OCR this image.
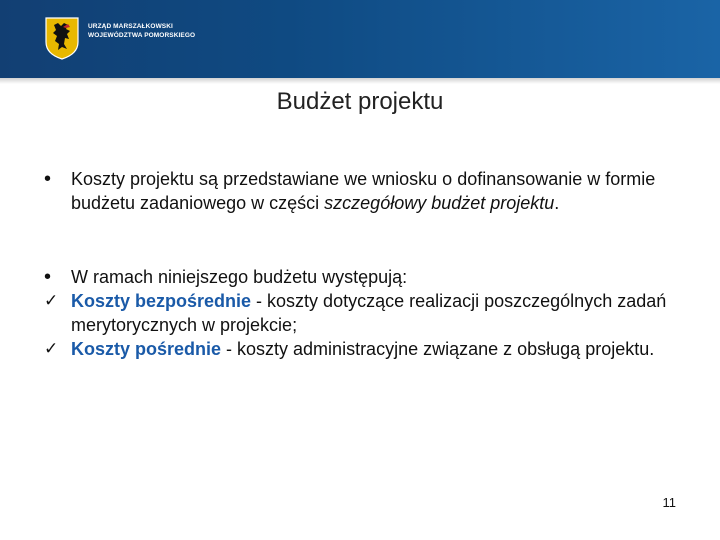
URZĄD MARSZAŁKOWSKI
WOJEWÓDZTWA POMORSKIEGO
Budżet projektu
•	Koszty projektu są przedstawiane we wniosku o dofinansowanie w formie budżetu zadaniowego w części szczegółowy budżet projektu.
•	W ramach niniejszego budżetu występują:
✓ Koszty bezpośrednie - koszty dotyczące realizacji poszczególnych zadań merytorycznych w projekcie;
✓ Koszty pośrednie - koszty administracyjne związane z obsługą projektu.
11
